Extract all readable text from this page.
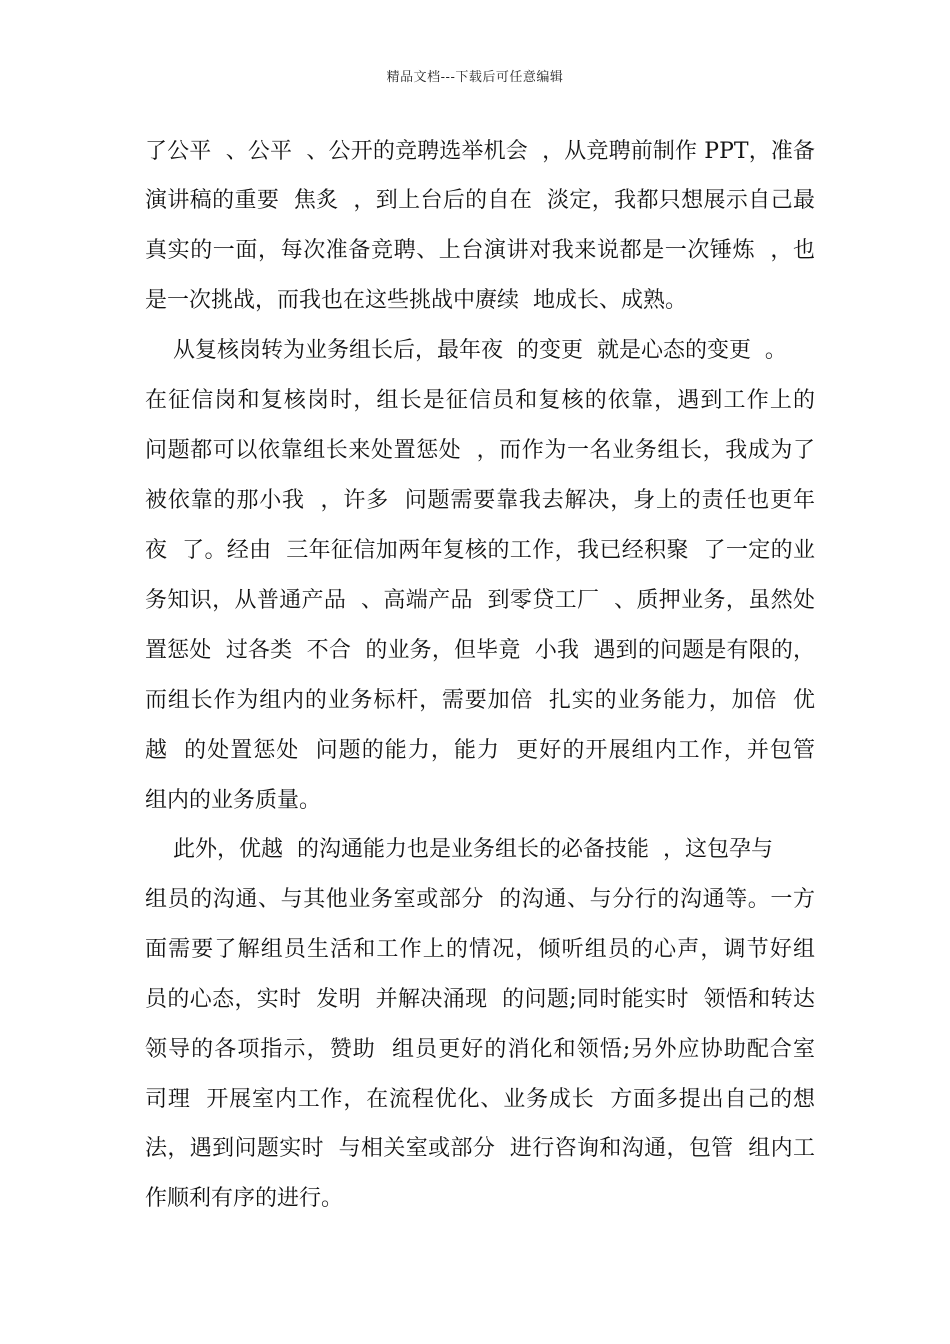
精品文档---下载后可任意编辑
了公平  、公平  、公开的竞聘选举机会  ，从竞聘前制作 PPT，准备
演讲稿的重要  焦炙  ，到上台后的自在  淡定，我都只想展示自己最
真实的一面，每次准备竞聘、上台演讲对我来说都是一次锤炼  ，也
是一次挑战，而我也在这些挑战中赓续  地成长、成熟。
从复核岗转为业务组长后，最年夜  的变更  就是心态的变更  。
在征信岗和复核岗时，组长是征信员和复核的依靠，遇到工作上的
问题都可以依靠组长来处置惩处  ，而作为一名业务组长，我成为了
被依靠的那小我  ，许多  问题需要靠我去解决，身上的责任也更年
夜  了。经由  三年征信加两年复核的工作，我已经积聚  了一定的业
务知识，从普通产品  、高端产品  到零贷工厂  、质押业务，虽然处
置惩处  过各类  不合  的业务，但毕竟  小我  遇到的问题是有限的，
而组长作为组内的业务标杆，需要加倍  扎实的业务能力，加倍  优
越  的处置惩处  问题的能力，能力  更好的开展组内工作，并包管
组内的业务质量。
此外，优越  的沟通能力也是业务组长的必备技能  ，这包孕与
组员的沟通、与其他业务室或部分  的沟通、与分行的沟通等。一方
面需要了解组员生活和工作上的情况，倾听组员的心声，调节好组
员的心态，实时  发明  并解决涌现  的问题;同时能实时  领悟和转达
领导的各项指示，赞助  组员更好的消化和领悟;另外应协助配合室
司理  开展室内工作，在流程优化、业务成长  方面多提出自己的想
法，遇到问题实时  与相关室或部分  进行咨询和沟通，包管  组内工
作顺利有序的进行。
